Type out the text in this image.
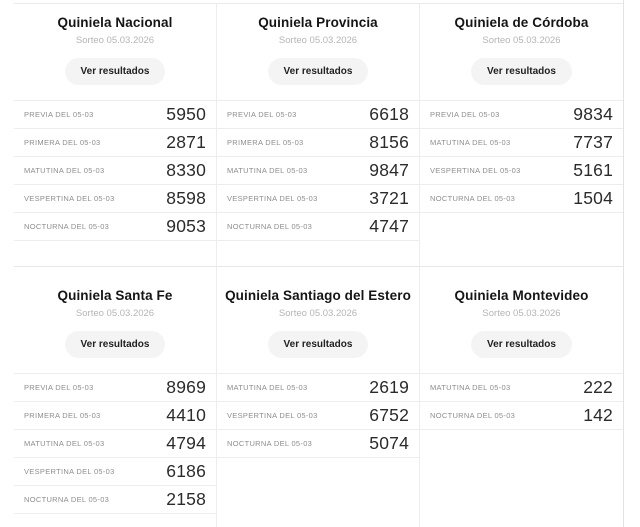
Quiniela Nacional
Sorteo 05.03.2026
Ver resultados
PREVIA DEL 05-03	5950
PRIMERA DEL 05-03	2871
MATUTINA DEL 05-03	8330
VESPERTINA DEL 05-03	8598
NOCTURNA DEL 05-03	9053
Quiniela Provincia
Sorteo 05.03.2026
Ver resultados
PREVIA DEL 05-03	6618
PRIMERA DEL 05-03	8156
MATUTINA DEL 05-03	9847
VESPERTINA DEL 05-03	3721
NOCTURNA DEL 05-03	4747
Quiniela de Córdoba
Sorteo 05.03.2026
Ver resultados
PREVIA DEL 05-03	9834
MATUTINA DEL 05-03	7737
VESPERTINA DEL 05-03	5161
NOCTURNA DEL 05-03	1504
Quiniela Santa Fe
Sorteo 05.03.2026
Ver resultados
PREVIA DEL 05-03	8969
PRIMERA DEL 05-03	4410
MATUTINA DEL 05-03	4794
VESPERTINA DEL 05-03	6186
NOCTURNA DEL 05-03	2158
Quiniela Santiago del Estero
Sorteo 05.03.2026
Ver resultados
MATUTINA DEL 05-03	2619
VESPERTINA DEL 05-03	6752
NOCTURNA DEL 05-03	5074
Quiniela Montevideo
Sorteo 05.03.2026
Ver resultados
MATUTINA DEL 05-03	222
NOCTURNA DEL 05-03	142
